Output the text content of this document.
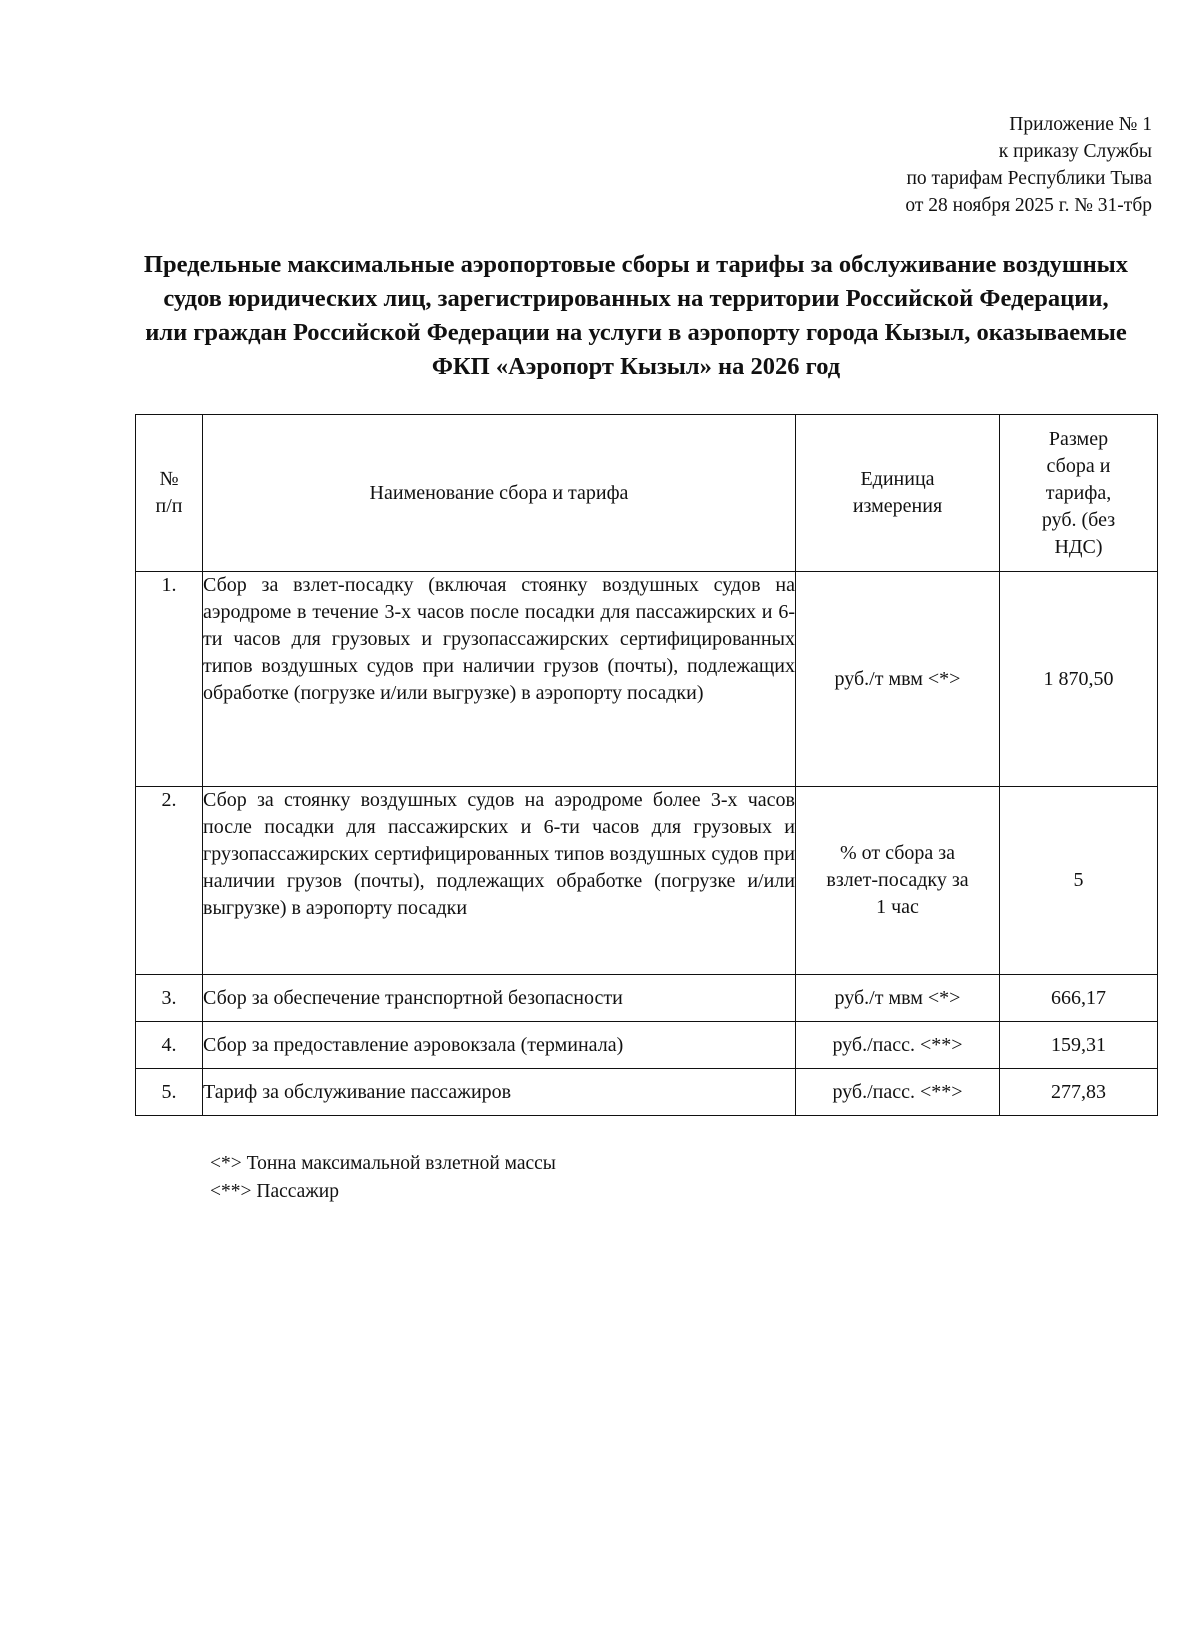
Приложение № 1
к приказу Службы
по тарифам Республики Тыва
от 28 ноября 2025 г. № 31-тбр
Предельные максимальные аэропортовые сборы и тарифы за обслуживание воздушных судов юридических лиц, зарегистрированных на территории Российской Федерации, или граждан Российской Федерации на услуги в аэропорту города Кызыл, оказываемые ФКП «Аэропорт Кызыл» на 2026 год
№ п/п	Наименование сбора и тарифа	Единица измерения	Размер сбора и тарифа, руб. (без НДС)
1.	Сбор за взлет-посадку (включая стоянку воздушных судов на аэродроме в течение 3-х часов после посадки для пассажирских и 6-ти часов для грузовых и грузопассажирских сертифицированных типов воздушных судов при наличии грузов (почты), подлежащих обработке (погрузке и/или выгрузке) в аэропорту посадки)	руб./т мвм <*>	1 870,50
2.	Сбор за стоянку воздушных судов на аэродроме более 3-х часов после посадки для пассажирских и 6-ти часов для грузовых и грузопассажирских сертифицированных типов воздушных судов при наличии грузов (почты), подлежащих обработке (погрузке и/или выгрузке) в аэропорту посадки	% от сбора за взлет-посадку за 1 час	5
3.	Сбор за обеспечение транспортной безопасности	руб./т мвм <*>	666,17
4.	Сбор за предоставление аэровокзала (терминала)	руб./пасс. <**>	159,31
5.	Тариф за обслуживание пассажиров	руб./пасс. <**>	277,83
<*> Тонна максимальной взлетной массы
<**> Пассажир
